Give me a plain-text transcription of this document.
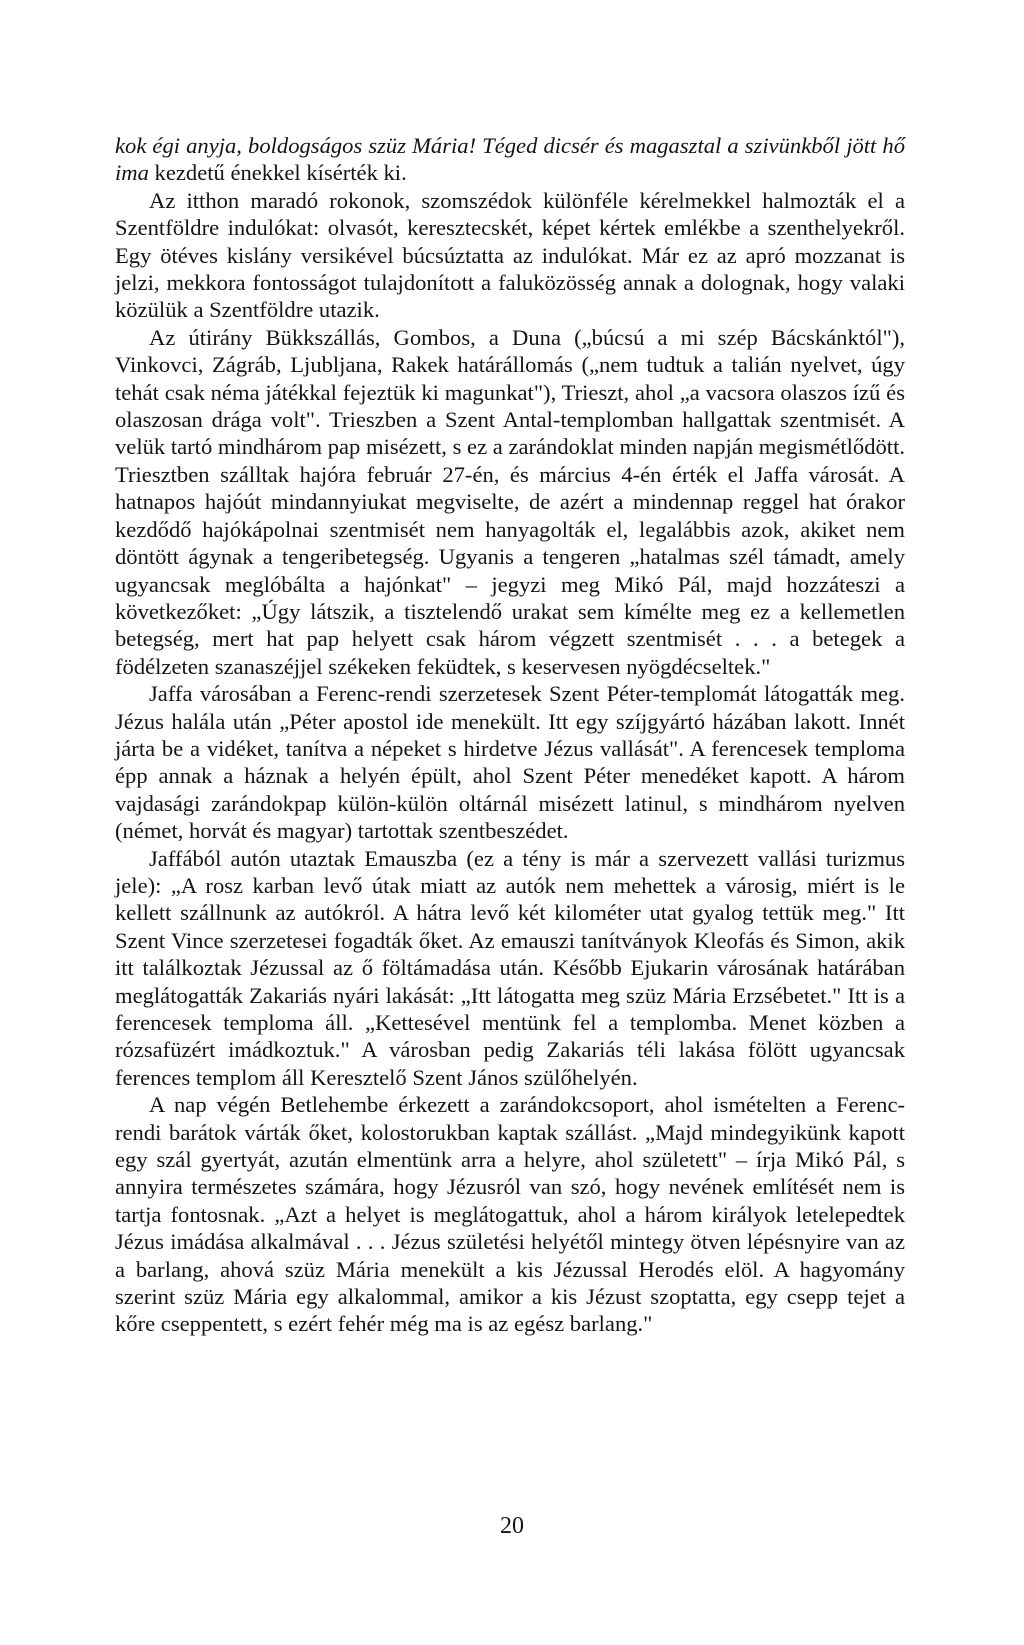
kok égi anyja, boldogságos szüz Mária! Téged dicsér és magasztal a szivünkből jött hő ima kezdetű énekkel kísérték ki.

Az itthon maradó rokonok, szomszédok különféle kérelmekkel halmozták el a Szentföldre indulókat: olvasót, keresztecskét, képet kértek emlékbe a szenthelyekről. Egy ötéves kislány versikével búcsúztatta az indulókat. Már ez az apró mozzanat is jelzi, mekkora fontosságot tulajdonított a faluközösség annak a dolognak, hogy valaki közülük a Szentföldre utazik.

Az útirány Bükkszállás, Gombos, a Duna („búcsú a mi szép Bácskánktól"), Vinkovci, Zágráb, Ljubljana, Rakek határállomás („nem tudtuk a talián nyelvet, úgy tehát csak néma játékkal fejeztük ki magunkat"), Trieszt, ahol „a vacsora olaszos ízű és olaszosan drága volt". Trieszben a Szent Antal-templomban hallgattak szentmisét. A velük tartó mindhárom pap misézett, s ez a zarándoklat minden napján megismétlődött. Triesztben szálltak hajóra február 27-én, és március 4-én érték el Jaffa városát. A hatnapos hajóút mindannyiukat megviselte, de azért a mindennap reggel hat órakor kezdődő hajókápolnai szentmisét nem hanyagolták el, legalábbis azok, akiket nem döntött ágynak a tengeribetegség. Ugyanis a tengeren „hatalmas szél támadt, amely ugyancsak meglóbálta a hajónkat" – jegyzi meg Mikó Pál, majd hozzáteszi a következőket: „Úgy látszik, a tisztelendő urakat sem kímélte meg ez a kellemetlen betegség, mert hat pap helyett csak három végzett szentmisét . . . a betegek a födélzeten szanaszéjjel székeken feküdtek, s keservesen nyögdécseltek."

Jaffa városában a Ferenc-rendi szerzetesek Szent Péter-templomát látogatták meg. Jézus halála után „Péter apostol ide menekült. Itt egy szíjgyártó házában lakott. Innét járta be a vidéket, tanítva a népeket s hirdetve Jézus vallását". A ferencesek temploma épp annak a háznak a helyén épült, ahol Szent Péter menedéket kapott. A három vajdasági zarándokpap külön-külön oltárnál misézett latinul, s mindhárom nyelven (német, horvát és magyar) tartottak szentbeszédet.

Jaffából autón utaztak Emauszba (ez a tény is már a szervezett vallási turizmus jele): „A rosz karban levő útak miatt az autók nem mehettek a városig, miért is le kellett szállnunk az autókról. A hátra levő két kilométer utat gyalog tettük meg." Itt Szent Vince szerzetesei fogadták őket. Az emauszi tanítványok Kleofás és Simon, akik itt találkoztak Jézussal az ő föltámadása után. Később Ejukarin városának határában meglátogatták Zakariás nyári lakását: „Itt látogatta meg szüz Mária Erzsébetet." Itt is a ferencesek temploma áll. „Kettesével mentünk fel a templomba. Menet közben a rózsafüzért imádkoztuk." A városban pedig Zakariás téli lakása fölött ugyancsak ferences templom áll Keresztelő Szent János szülőhelyén.

A nap végén Betlehembe érkezett a zarándokcsoport, ahol ismételten a Ferenc-rendi barátok várták őket, kolostorukban kaptak szállást. „Majd mindegyikünk kapott egy szál gyertyát, azután elmentünk arra a helyre, ahol született" – írja Mikó Pál, s annyira természetes számára, hogy Jézusról van szó, hogy nevének említését nem is tartja fontosnak. „Azt a helyet is meglátogattuk, ahol a három királyok letelepedtek Jézus imádása alkalmával . . . Jézus születési helyétől mintegy ötven lépésnyire van az a barlang, ahová szüz Mária menekült a kis Jézussal Herodés elöl. A hagyomány szerint szüz Mária egy alkalommal, amikor a kis Jézust szoptatta, egy csepp tejet a kőre cseppentett, s ezért fehér még ma is az egész barlang."

20
